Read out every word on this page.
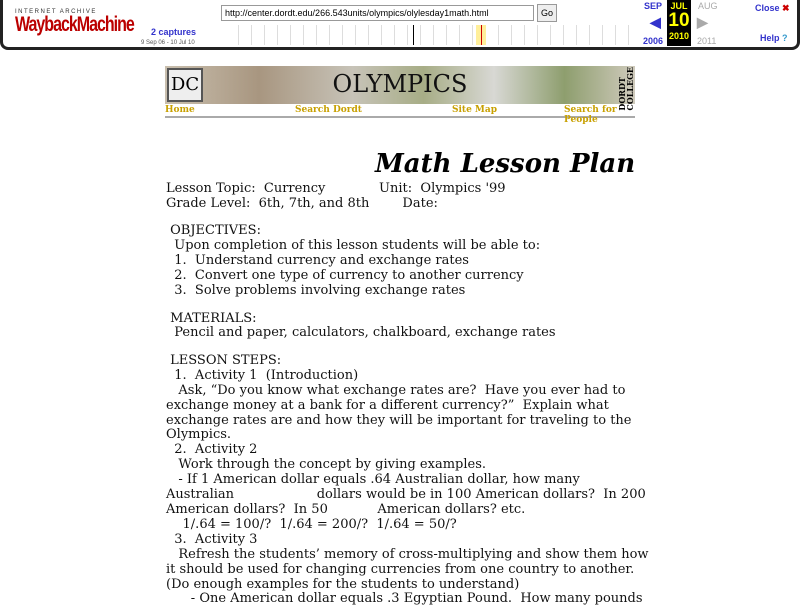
INTERNET ARCHIVE
WaybackMachine
http://center.dordt.edu/266.543units/olympics/olylesday1math.html	Go
2 captures
9 Sep 06 - 10 Jul 10
SEP
◀
2006
JUL
10
2010
AUG
▶
2011
Close ✖
Help ?
DC	OLYMPICS	DORDT COLLEGE
Home	Search Dordt	Site Map	Search for People
Math Lesson Plan
Lesson Topic:  Currency             Unit:  Olympics '99
Grade Level:  6th, 7th, and 8th        Date:
OBJECTIVES:
Upon completion of this lesson students will be able to:
1.  Understand currency and exchange rates
2.  Convert one type of currency to another currency
3.  Solve problems involving exchange rates
MATERIALS:
Pencil and paper, calculators, chalkboard, exchange rates
LESSON STEPS:
1.  Activity 1  (Introduction)
Ask, “Do you know what exchange rates are?  Have you ever had to
exchange money at a bank for a different currency?”  Explain what
exchange rates are and how they will be important for traveling to the
Olympics.
2.  Activity 2
Work through the concept by giving examples.
- If 1 American dollar equals .64 Australian dollar, how many
Australian                    dollars would be in 100 American dollars?  In 200
American dollars?  In 50            American dollars? etc.
1/.64 = 100/?  1/.64 = 200/?  1/.64 = 50/?
3.  Activity 3
Refresh the students’ memory of cross-multiplying and show them how
it should be used for changing currencies from one country to another.
(Do enough examples for the students to understand)
- One American dollar equals .3 Egyptian Pound.  How many pounds
